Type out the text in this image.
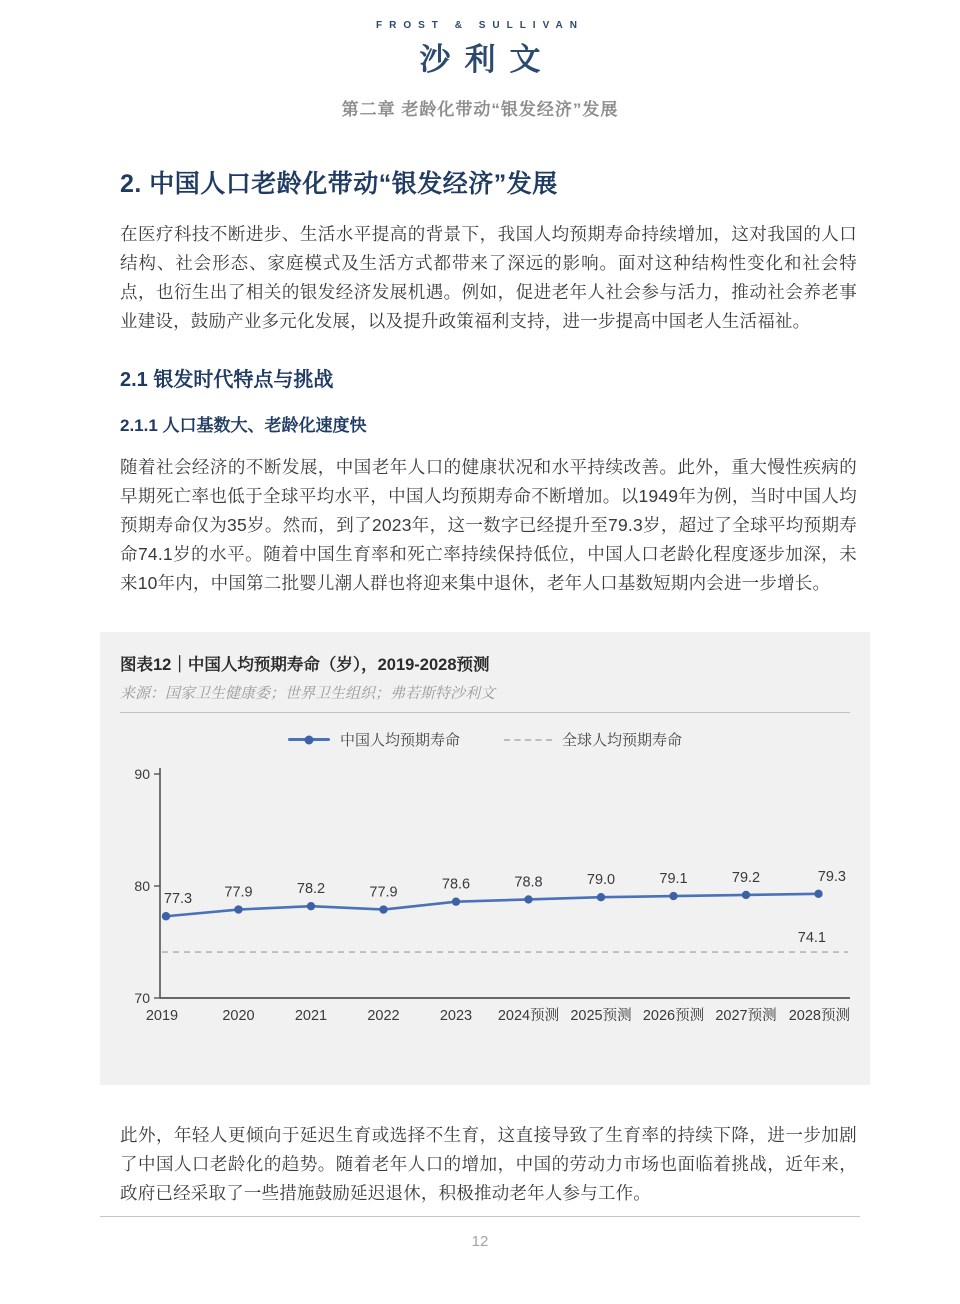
FROST & SULLIVAN
沙利文
第二章 老龄化带动“银发经济”发展
2. 中国人口老龄化带动“银发经济”发展

在医疗科技不断进步、生活水平提高的背景下，我国人均预期寿命持续增加，这对我国的人口结构、社会形态、家庭模式及生活方式都带来了深远的影响。面对这种结构性变化和社会特点，也衍生出了相关的银发经济发展机遇。例如，促进老年人社会参与活力，推动社会养老事业建设，鼓励产业多元化发展，以及提升政策福利支持，进一步提高中国老人生活福祉。

2.1 银发时代特点与挑战
2.1.1 人口基数大、老龄化速度快

随着社会经济的不断发展，中国老年人口的健康状况和水平持续改善。此外，重大慢性疾病的早期死亡率也低于全球平均水平，中国人均预期寿命不断增加。以1949年为例，当时中国人均预期寿命仅为35岁。然而，到了2023年，这一数字已经提升至79.3岁，超过了全球平均预期寿命74.1岁的水平。随着中国生育率和死亡率持续保持低位，中国人口老龄化程度逐步加深，未来10年内，中国第二批婴儿潮人群也将迎来集中退休，老年人口基数短期内会进一步增长。

图表12｜中国人均预期寿命（岁），2019-2028预测
来源：国家卫生健康委；世界卫生组织；弗若斯特沙利文
中国人均预期寿命	全球人均预期寿命
90
80
70
74.1
77.3 77.9	78.2	77.9	78.6	78.8	79.0	79.1	79.2	79.3
2019	2020	2021	2022	2023 2024预测 2025预测 2026预测 2027预测 2028预测

此外，年轻人更倾向于延迟生育或选择不生育，这直接导致了生育率的持续下降，进一步加剧了中国人口老龄化的趋势。随着老年人口的增加，中国的劳动力市场也面临着挑战，近年来，政府已经采取了一些措施鼓励延迟退休，积极推动老年人参与工作。

12
